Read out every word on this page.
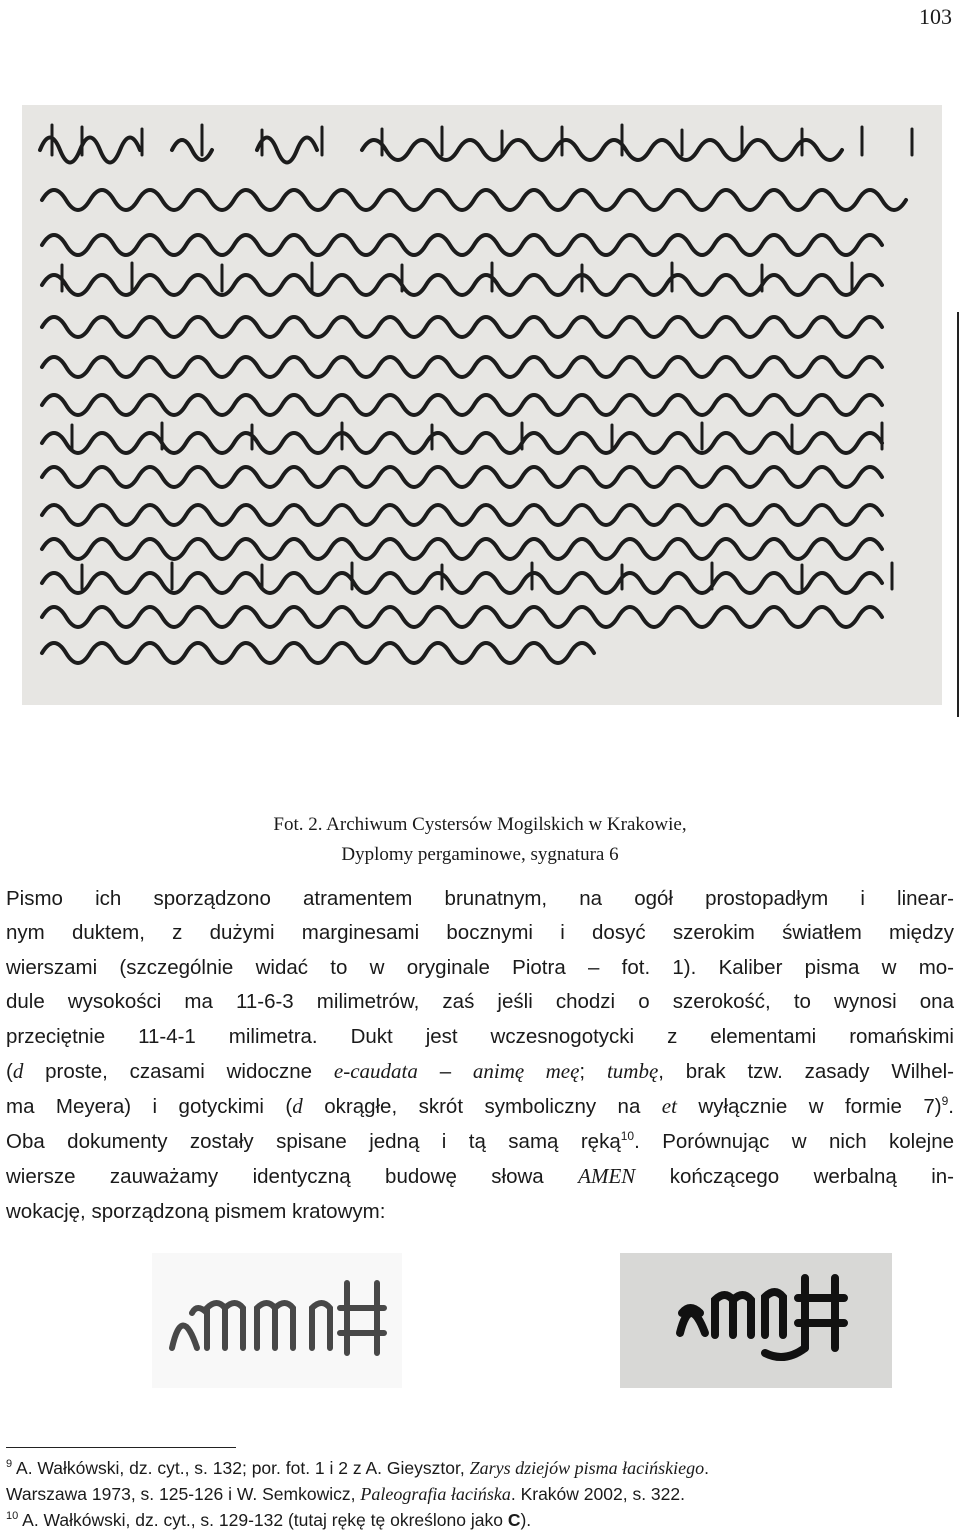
103
Fot. 2. Archiwum Cystersów Mogilskich w Krakowie,
Dyplomy pergaminowe, sygnatura 6
Pismo ich sporządzono atramentem brunatnym, na ogół prostopadłym i linear-
nym duktem, z dużymi marginesami bocznymi i dosyć szerokim światłem między
wierszami (szczególnie widać to w oryginale Piotra – fot. 1). Kaliber pisma w mo-
dule wysokości ma 11-6-3 milimetrów, zaś jeśli chodzi o szerokość, to wynosi ona
przeciętnie 11-4-1 milimetra. Dukt jest wczesnogotycki z elementami romańskimi
(d proste, czasami widoczne e-caudata – animę meę; tumbę, brak tzw. zasady Wilhel-
ma Meyera) i gotyckimi (d okrągłe, skrót symboliczny na et wyłącznie w formie 7)$^9$.
Oba dokumenty zostały spisane jedną i tą samą ręką$^{10}$. Porównując w nich kolejne
wiersze zauważamy identyczną budowę słowa AMEN kończącego werbalną in-
wokację, sporządzoną pismem kratowym:
$^9$ A. Wałkówski, dz. cyt., s. 132; por. fot. 1 i 2 z A. Gieysztor, Zarys dziejów pisma łacińskiego.
Warszawa 1973, s. 125-126 i W. Semkowicz, Paleografia łacińska. Kraków 2002, s. 322.
$^{10}$ A. Wałkówski, dz. cyt., s. 129-132 (tutaj rękę tę określono jako C).
